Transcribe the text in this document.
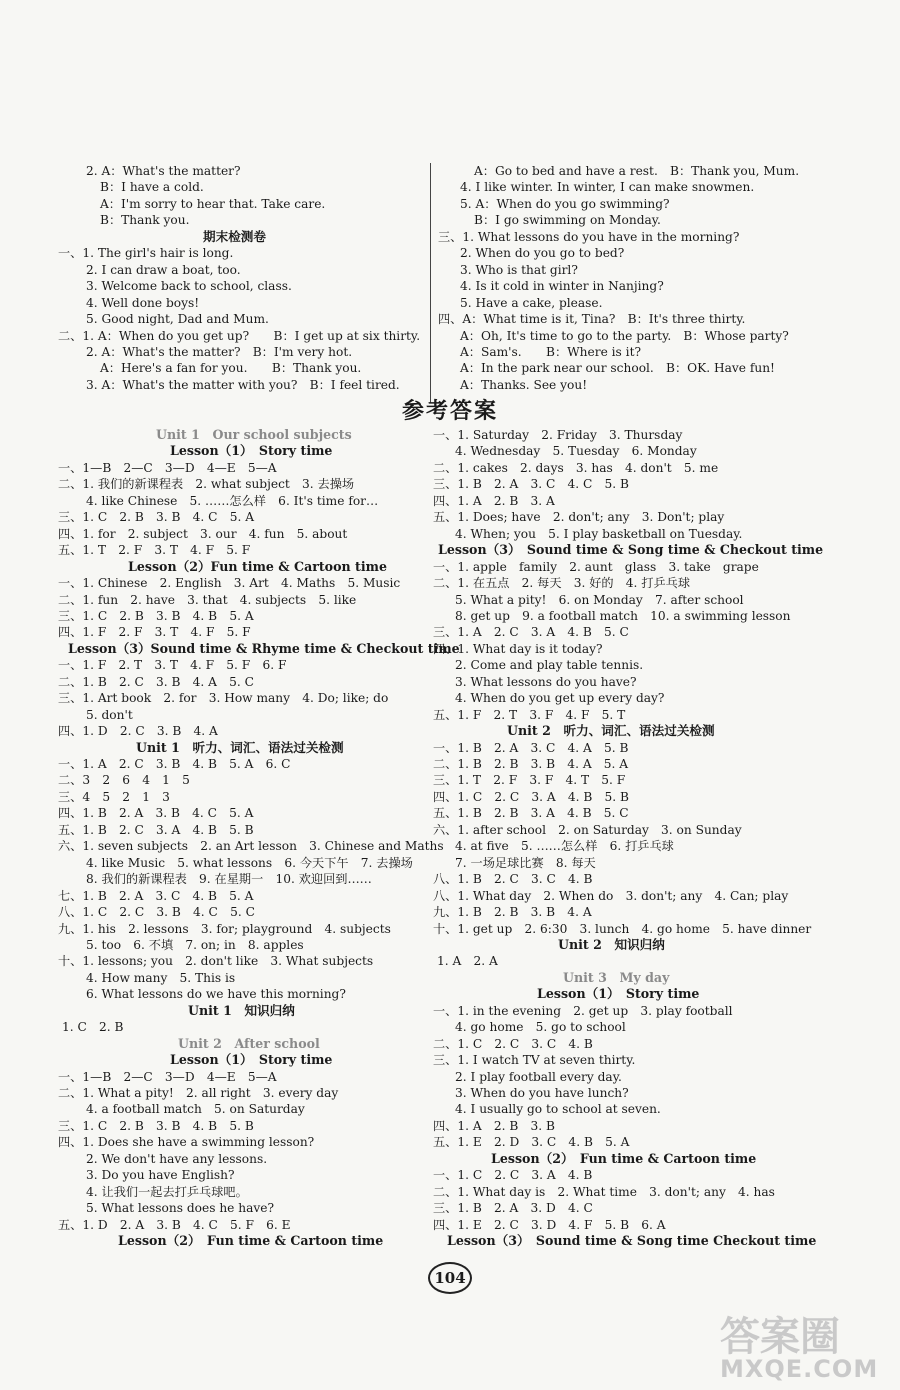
2. A：What's the matter?
B：I have a cold.
A：I'm sorry to hear that. Take care.
B：Thank you.
期末检测卷
一、1. The girl's hair is long.
2. I can draw a boat, too.
3. Welcome back to school, class.
4. Well done boys!
5. Good night, Dad and Mum.
二、1. A：When do you get up?　　B：I get up at six thirty.
2. A：What's the matter?　B：I'm very hot.
A：Here's a fan for you.　　B：Thank you.
3. A：What's the matter with you?　B：I feel tired.
A：Go to bed and have a rest.　B：Thank you, Mum.
4. I like winter. In winter, I can make snowmen.
5. A：When do you go swimming?
B：I go swimming on Monday.
三、1. What lessons do you have in the morning?
2. When do you go to bed?
3. Who is that girl?
4. Is it cold in winter in Nanjing?
5. Have a cake, please.
四、A：What time is it, Tina?　B：It's three thirty.
A：Oh, It's time to go to the party.　B：Whose party?
A：Sam's.　　B：Where is it?
A：In the park near our school.　B：OK. Have fun!
A：Thanks. See you!
参考答案
Unit 1　Our school subjects
Lesson（1）　Story time
一、1—B　2—C　3—D　4—E　5—A
二、1. 我们的新课程表　2. what subject　3. 去操场
4. like Chinese　5. ……怎么样　6. It's time for…
三、1. C　2. B　3. B　4. C　5. A
四、1. for　2. subject　3. our　4. fun　5. about
五、1. T　2. F　3. T　4. F　5. F
Lesson（2）Fun time & Cartoon time
一、1. Chinese　2. English　3. Art　4. Maths　5. Music
二、1. fun　2. have　3. that　4. subjects　5. like
三、1. C　2. B　3. B　4. B　5. A
四、1. F　2. F　3. T　4. F　5. F
Lesson（3）Sound time & Rhyme time & Checkout time
一、1. F　2. T　3. T　4. F　5. F　6. F
二、1. B　2. C　3. B　4. A　5. C
三、1. Art book　2. for　3. How many　4. Do; like; do
5. don't
四、1. D　2. C　3. B　4. A
Unit 1　听力、词汇、语法过关检测
一、1. A　2. C　3. B　4. B　5. A　6. C
二、3　2　6　4　1　5
三、4　5　2　1　3
四、1. B　2. A　3. B　4. C　5. A
五、1. B　2. C　3. A　4. B　5. B
六、1. seven subjects　2. an Art lesson　3. Chinese and Maths
4. like Music　5. what lessons　6. 今天下午　7. 去操场
8. 我们的新课程表　9. 在星期一　10. 欢迎回到……
七、1. B　2. A　3. C　4. B　5. A
八、1. C　2. C　3. B　4. C　5. C
九、1. his　2. lessons　3. for; playground　4. subjects
5. too　6. 不填　7. on; in　8. apples
十、1. lessons; you　2. don't like　3. What subjects
4. How many　5. This is
6. What lessons do we have this morning?
Unit 1　知识归纳
1. C　2. B
Unit 2　After school
Lesson（1）　Story time
一、1—B　2—C　3—D　4—E　5—A
二、1. What a pity!　2. all right　3. every day
4. a football match　5. on Saturday
三、1. C　2. B　3. B　4. B　5. B
四、1. Does she have a swimming lesson?
2. We don't have any lessons.
3. Do you have English?
4. 让我们一起去打乒乓球吧。
5. What lessons does he have?
五、1. D　2. A　3. B　4. C　5. F　6. E
Lesson（2）　Fun time & Cartoon time
一、1. Saturday　2. Friday　3. Thursday
4. Wednesday　5. Tuesday　6. Monday
二、1. cakes　2. days　3. has　4. don't　5. me
三、1. B　2. A　3. C　4. C　5. B
四、1. A　2. B　3. A
五、1. Does; have　2. don't; any　3. Don't; play
4. When; you　5. I play basketball on Tuesday.
Lesson（3）　Sound time & Song time & Checkout time
一、1. apple　family　2. aunt　glass　3. take　grape
二、1. 在五点　2. 每天　3. 好的　4. 打乒乓球
5. What a pity!　6. on Monday　7. after school
8. get up　9. a football match　10. a swimming lesson
三、1. A　2. C　3. A　4. B　5. C
四、1. What day is it today?
2. Come and play table tennis.
3. What lessons do you have?
4. When do you get up every day?
五、1. F　2. T　3. F　4. F　5. T
Unit 2　听力、词汇、语法过关检测
一、1. B　2. A　3. C　4. A　5. B
二、1. B　2. B　3. B　4. A　5. A
三、1. T　2. F　3. F　4. T　5. F
四、1. C　2. C　3. A　4. B　5. B
五、1. B　2. B　3. A　4. B　5. C
六、1. after school　2. on Saturday　3. on Sunday
4. at five　5. ……怎么样　6. 打乒乓球
7. 一场足球比赛　8. 每天
八、1. B　2. C　3. C　4. B
八、1. What day　2. When do　3. don't; any　4. Can; play
九、1. B　2. B　3. B　4. A
十、1. get up　2. 6:30　3. lunch　4. go home　5. have dinner
Unit 2　知识归纳
1. A　2. A
Unit 3　My day
Lesson（1）　Story time
一、1. in the evening　2. get up　3. play football
4. go home　5. go to school
二、1. C　2. C　3. C　4. B
三、1. I watch TV at seven thirty.
2. I play football every day.
3. When do you have lunch?
4. I usually go to school at seven.
四、1. A　2. B　3. B
五、1. E　2. D　3. C　4. B　5. A
Lesson（2）　Fun time & Cartoon time
一、1. C　2. C　3. A　4. B
二、1. What day is　2. What time　3. don't; any　4. has
三、1. B　2. A　3. D　4. C
四、1. E　2. C　3. D　4. F　5. B　6. A
Lesson（3）　Sound time & Song time Checkout time
104
答案圈
MXQE.COM
